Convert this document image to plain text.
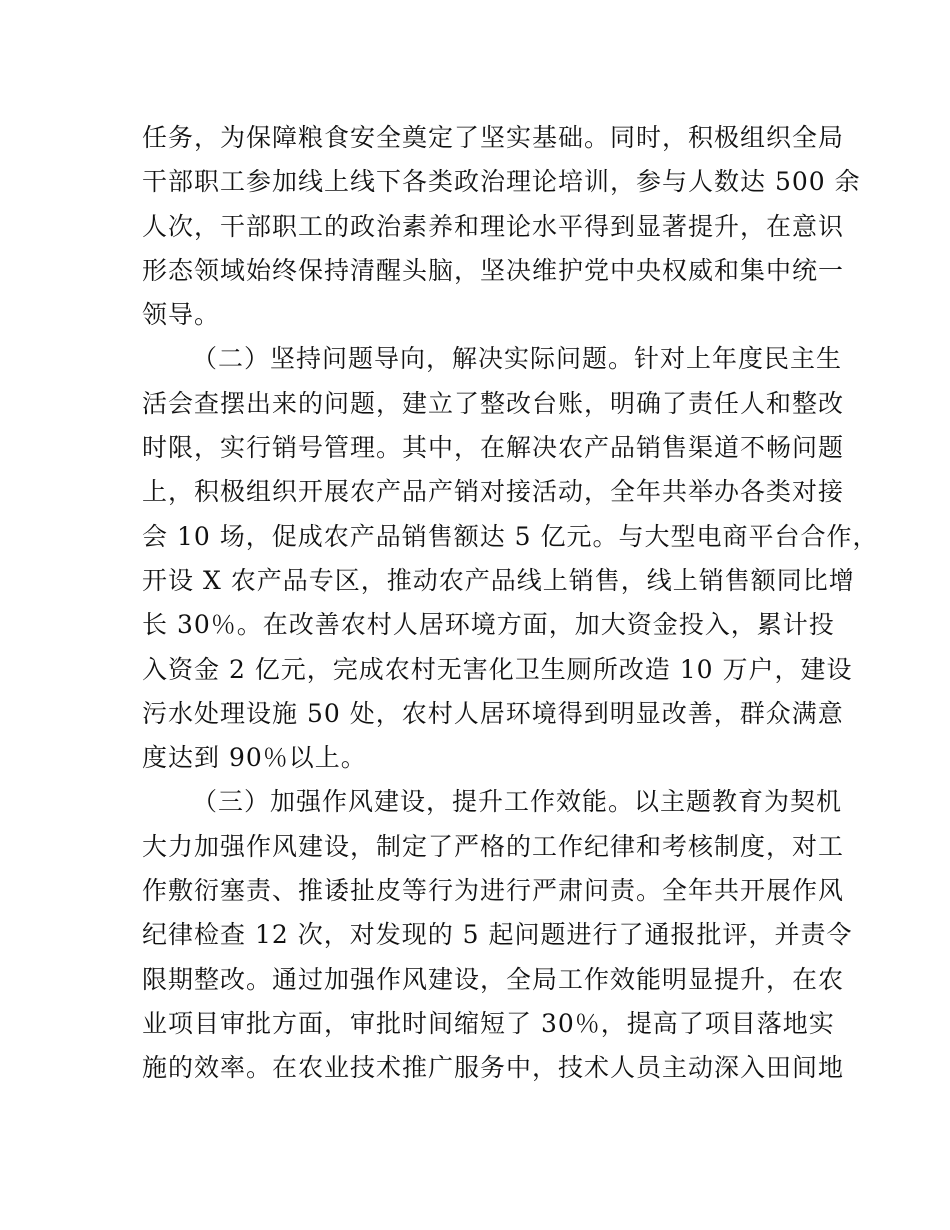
任务，为保障粮食安全奠定了坚实基础。同时，积极组织全局
干部职工参加线上线下各类政治理论培训，参与人数达 500 余
人次，干部职工的政治素养和理论水平得到显著提升，在意识
形态领域始终保持清醒头脑，坚决维护党中央权威和集中统一
领导。
（二）坚持问题导向，解决实际问题。针对上年度民主生
活会查摆出来的问题，建立了整改台账，明确了责任人和整改
时限，实行销号管理。其中，在解决农产品销售渠道不畅问题
上，积极组织开展农产品产销对接活动，全年共举办各类对接
会 10 场，促成农产品销售额达 5 亿元。与大型电商平台合作，
开设 X 农产品专区，推动农产品线上销售，线上销售额同比增
长 30％。在改善农村人居环境方面，加大资金投入，累计投
入资金 2 亿元，完成农村无害化卫生厕所改造 10 万户，建设
污水处理设施 50 处，农村人居环境得到明显改善，群众满意
度达到 90％以上。
（三）加强作风建设，提升工作效能。以主题教育为契机
大力加强作风建设，制定了严格的工作纪律和考核制度，对工
作敷衍塞责、推诿扯皮等行为进行严肃问责。全年共开展作风
纪律检查 12 次，对发现的 5 起问题进行了通报批评，并责令
限期整改。通过加强作风建设，全局工作效能明显提升，在农
业项目审批方面，审批时间缩短了 30％，提高了项目落地实
施的效率。在农业技术推广服务中，技术人员主动深入田间地
